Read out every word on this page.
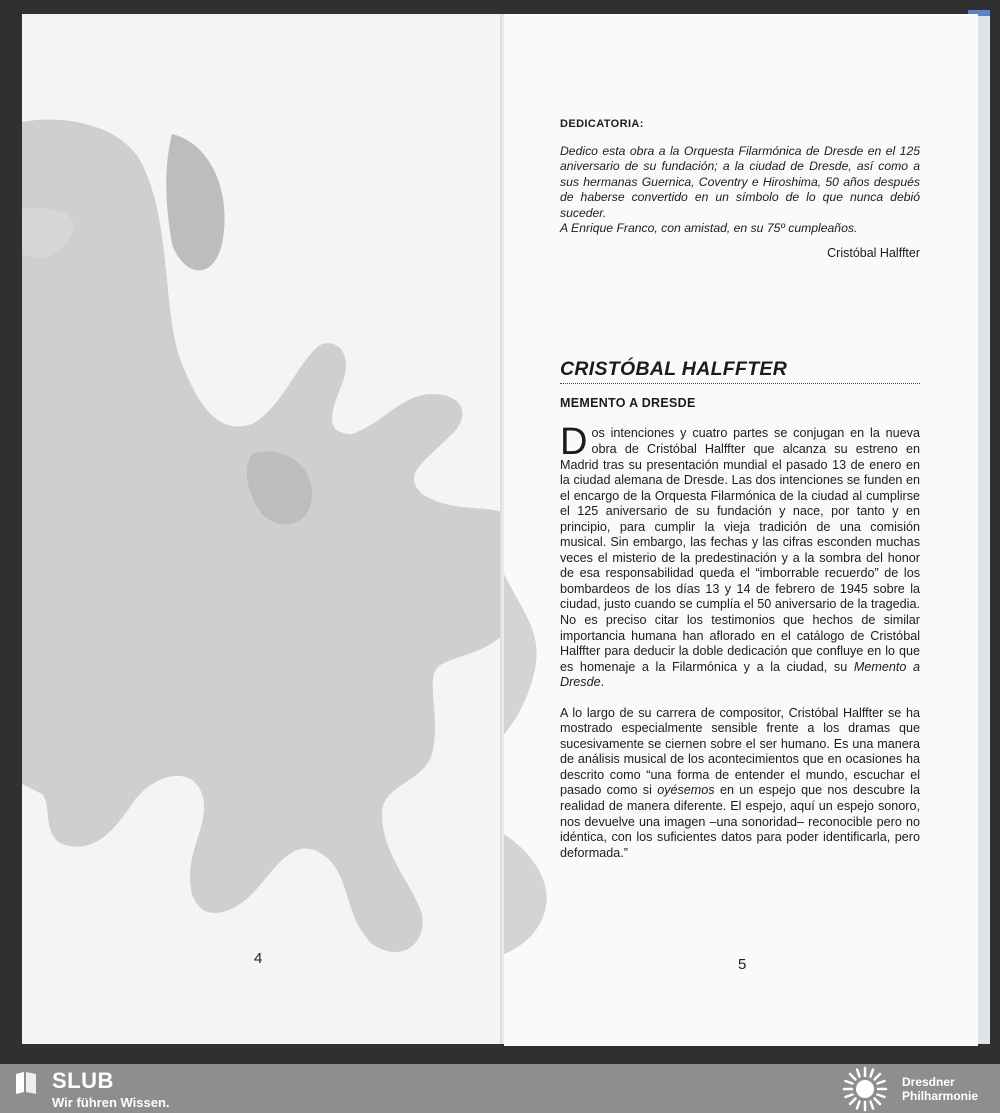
4
DEDICATORIA:
Dedico esta obra a la Orquesta Filarmónica de Dresde en el 125 aniversario de su fundación; a la ciudad de Dresde, así como a sus hermanas Guernica, Coventry e Hiroshima, 50 años después de haberse convertido en un símbolo de lo que nunca debió suceder.
A Enrique Franco, con amistad, en su 75º cumpleaños.
Cristóbal Halffter
CRISTÓBAL HALFFTER
MEMENTO A DRESDE

Dos intenciones y cuatro partes se conjugan en la nueva obra de Cristóbal Halffter que alcanza su estreno en Madrid tras su presentación mundial el pasado 13 de enero en la ciudad alemana de Dresde. Las dos intenciones se funden en el encargo de la Orquesta Filarmónica de la ciudad al cumplirse el 125 aniversario de su fundación y nace, por tanto y en principio, para cumplir la vieja tradición de una comisión musical. Sin embargo, las fechas y las cifras esconden muchas veces el misterio de la predestinación y a la sombra del honor de esa responsabilidad queda el “imborrable recuerdo” de los bombardeos de los días 13 y 14 de febrero de 1945 sobre la ciudad, justo cuando se cumplía el 50 aniversario de la tragedia. No es preciso citar los testimonios que hechos de similar importancia humana han aflorado en el catálogo de Cristóbal Halffter para deducir la doble dedicación que confluye en lo que es homenaje a la Filarmónica y a la ciudad, su Memento a Dresde.

A lo largo de su carrera de compositor, Cristóbal Halffter se ha mostrado especialmente sensible frente a los dramas que sucesivamente se ciernen sobre el ser humano. Es una manera de análisis musical de los acontecimientos que en ocasiones ha descrito como “una forma de entender el mundo, escuchar el pasado como si oyésemos en un espejo que nos descubre la realidad de manera diferente. El espejo, aquí un espejo sonoro, nos devuelve una imagen –una sonoridad– reconocible pero no idéntica, con los suficientes datos para poder identificarla, pero deformada.”

5
SLUB
Wir führen Wissen.
Dresdner
Philharmonie
